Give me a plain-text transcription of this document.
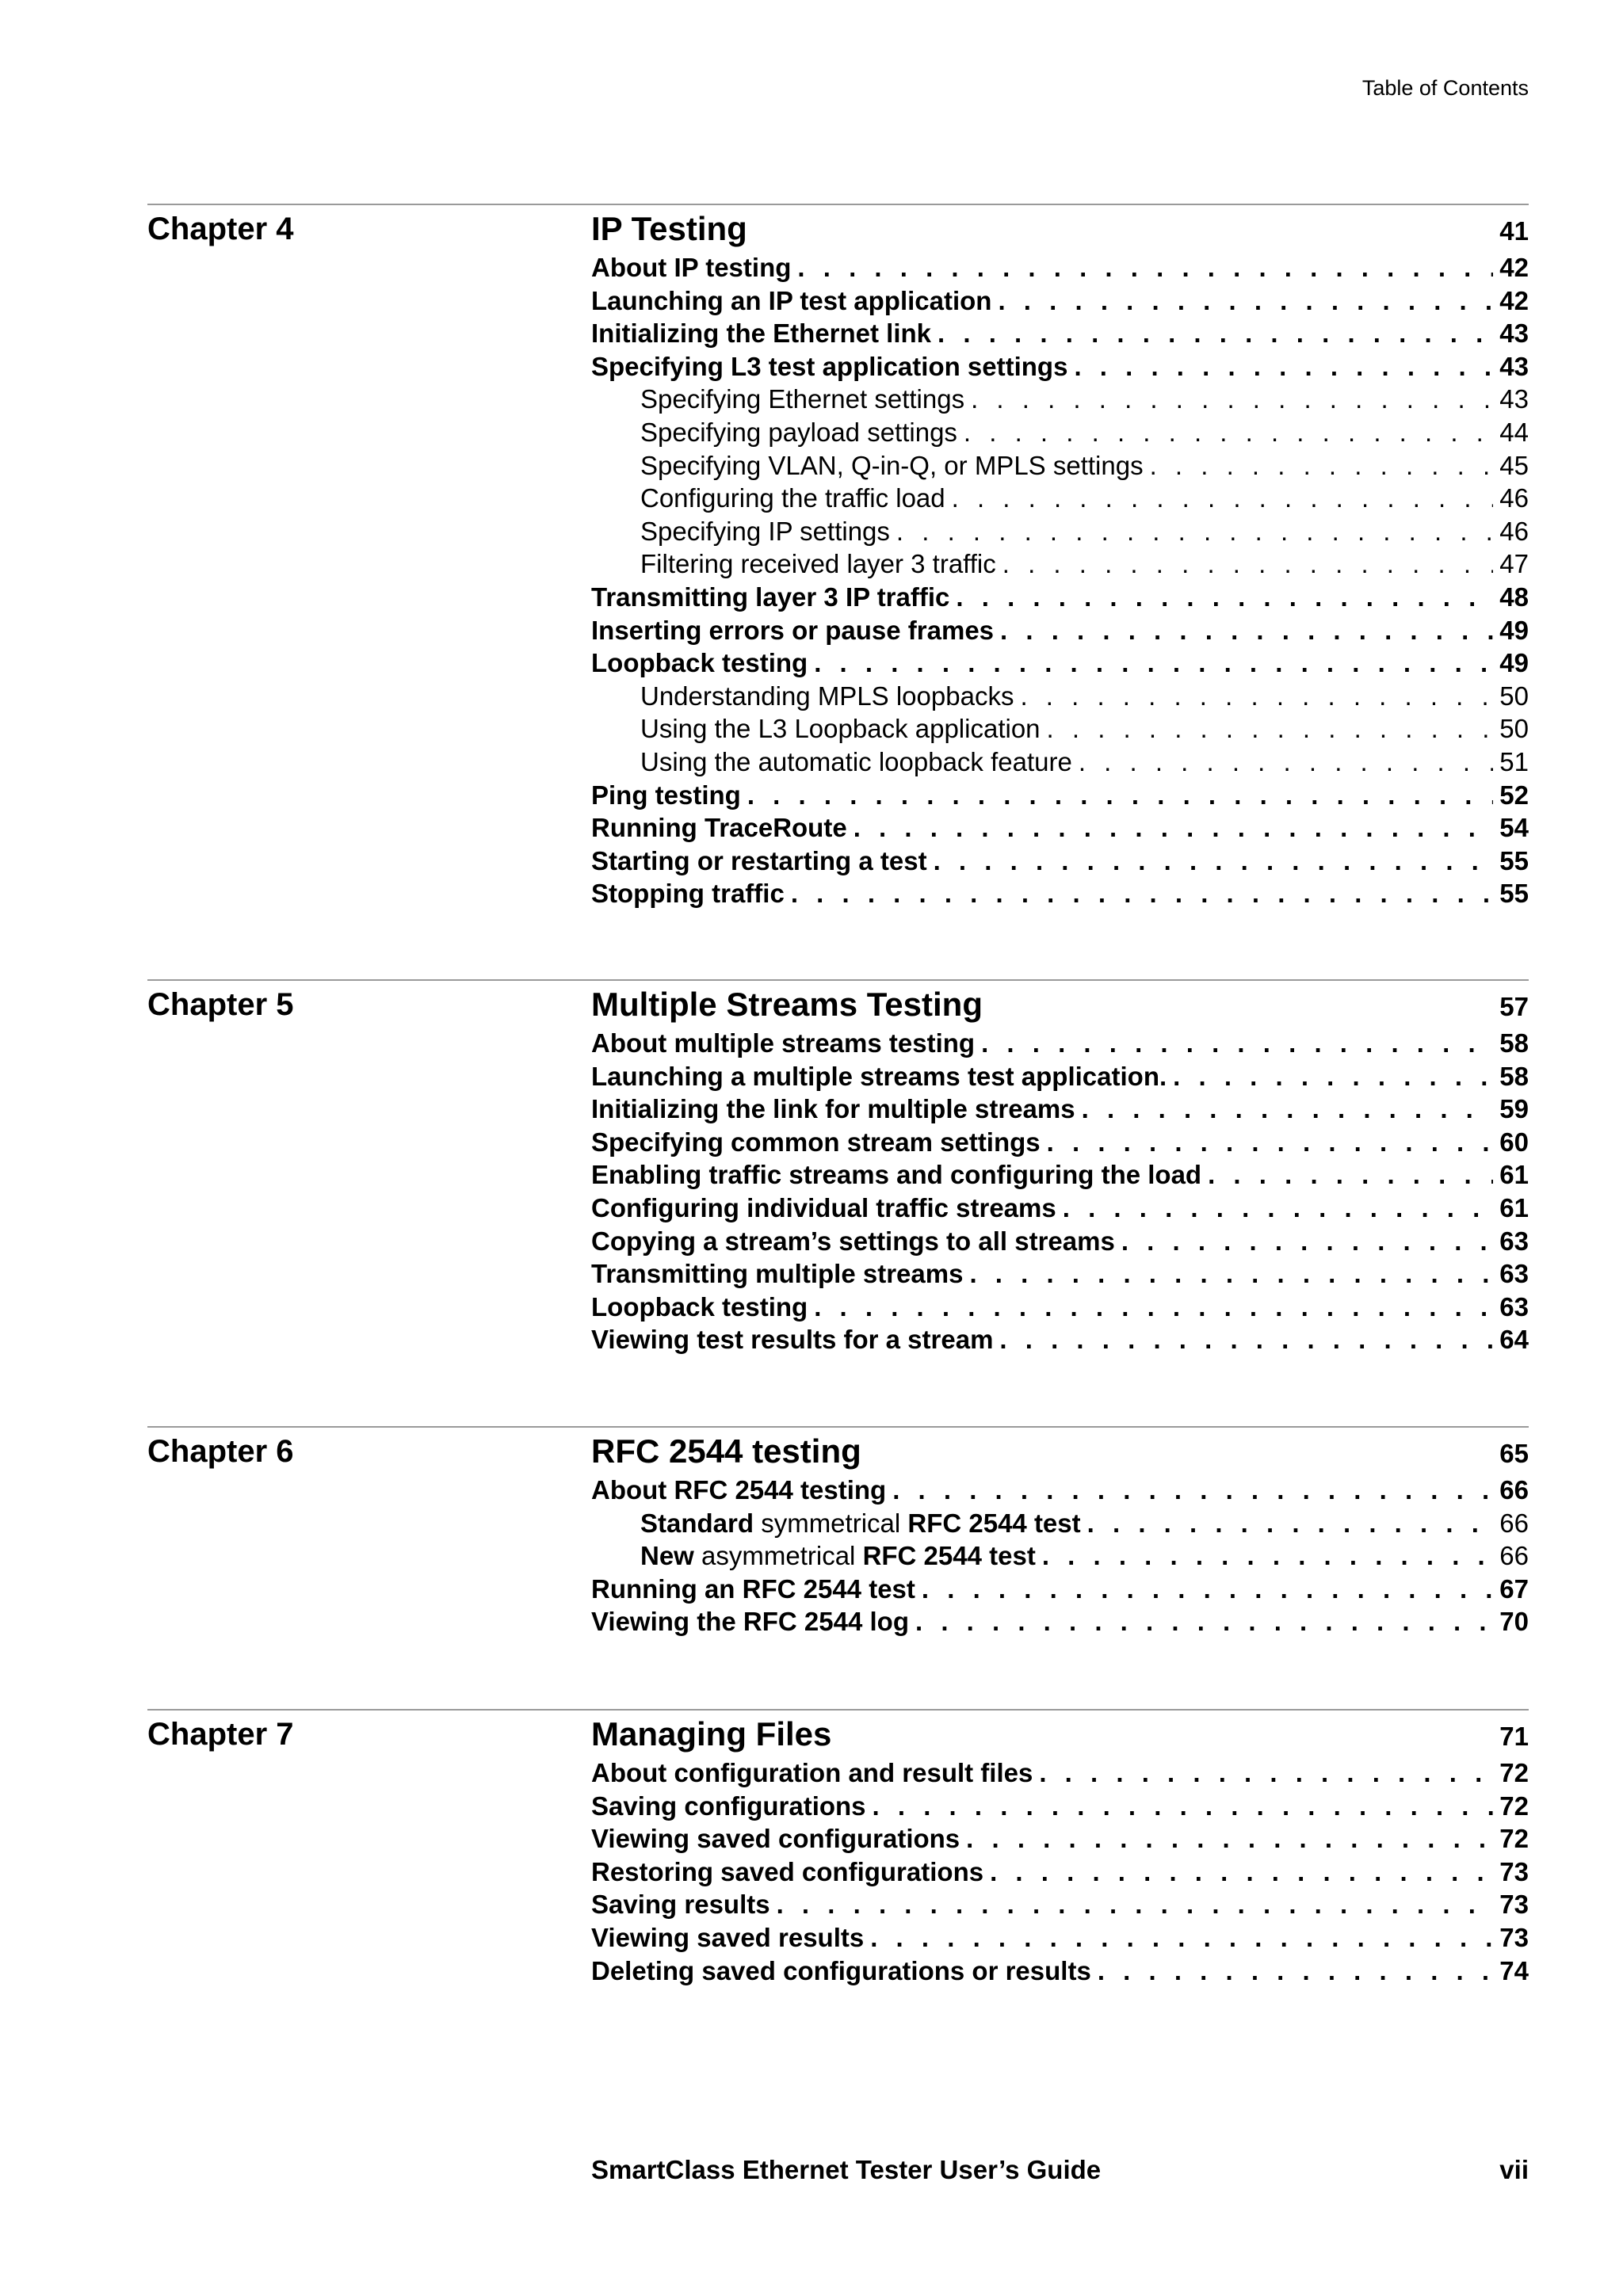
Table of Contents
Chapter 4	IP Testing	41
About IP testing . . .	42
Launching an IP test application . . .	42
Initializing the Ethernet link . . .	43
Specifying L3 test application settings . . .	43
Specifying Ethernet settings . . .	43
Specifying payload settings . . .	44
Specifying VLAN, Q-in-Q, or MPLS settings . . .	45
Configuring the traffic load . . .	46
Specifying IP settings . . .	46
Filtering received layer 3 traffic . . .	47
Transmitting layer 3 IP traffic . . .	48
Inserting errors or pause frames . . .	49
Loopback testing . . .	49
Understanding MPLS loopbacks . . .	50
Using the L3 Loopback application . . .	50
Using the automatic loopback feature . . .	51
Ping testing . . .	52
Running TraceRoute . . .	54
Starting or restarting a test . . .	55
Stopping traffic . . .	55
Chapter 5	Multiple Streams Testing	57
About multiple streams testing . . .	58
Launching a multiple streams test application. . . .	58
Initializing the link for multiple streams . . .	59
Specifying common stream settings . . .	60
Enabling traffic streams and configuring the load . . .	61
Configuring individual traffic streams . . .	61
Copying a stream’s settings to all streams . . .	63
Transmitting multiple streams . . .	63
Loopback testing . . .	63
Viewing test results for a stream . . .	64
Chapter 6	RFC 2544 testing	65
About RFC 2544 testing . . .	66
Standard symmetrical RFC 2544 test . . .	66
New asymmetrical RFC 2544 test . . .	66
Running an RFC 2544 test . . .	67
Viewing the RFC 2544 log . . .	70
Chapter 7	Managing Files	71
About configuration and result files . . .	72
Saving configurations . . .	72
Viewing saved configurations . . .	72
Restoring saved configurations . . .	73
Saving results . . .	73
Viewing saved results . . .	73
Deleting saved configurations or results . . .	74
SmartClass Ethernet Tester User’s Guide	vii
